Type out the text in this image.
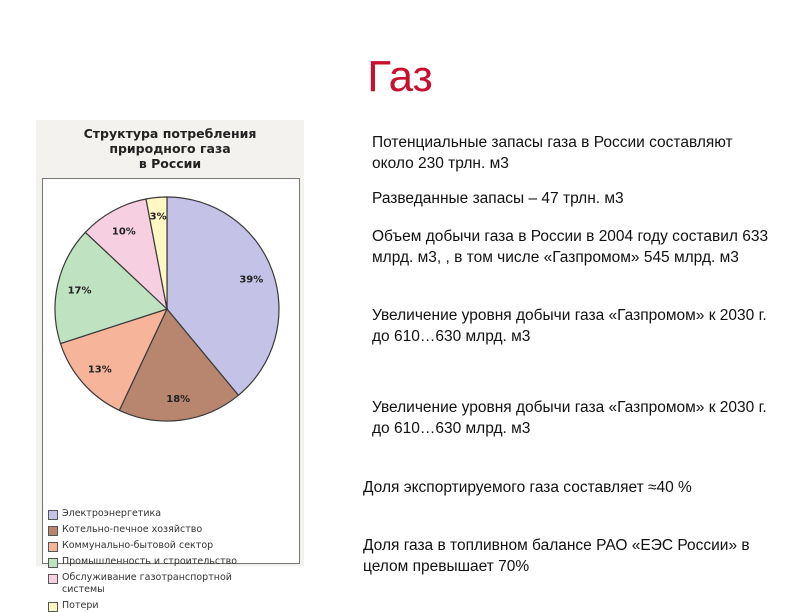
Газ
Структура потребления
природного газа
в России
39%
18%
13%
17%
10%
3%
Электроэнергетика
Котельно-печное хозяйство
Коммунально-бытовой сектор
Промышленность и строительство
Обслуживание газотранспортной
системы
Потери
Потенциальные запасы газа в России составляют около 230 трлн. м3
Разведанные запасы – 47 трлн. м3
Объем добычи газа в России в 2004 году составил 633 млрд. м3, , в том числе «Газпромом» 545 млрд. м3
Увеличение уровня добычи газа «Газпромом» к 2030 г. до 610…630 млрд. м3
Увеличение уровня добычи газа «Газпромом» к 2030 г. до 610…630 млрд. м3
Доля экспортируемого газа составляет ≈40 %
Доля газа в топливном балансе РАО «ЕЭС России» в целом превышает 70%
